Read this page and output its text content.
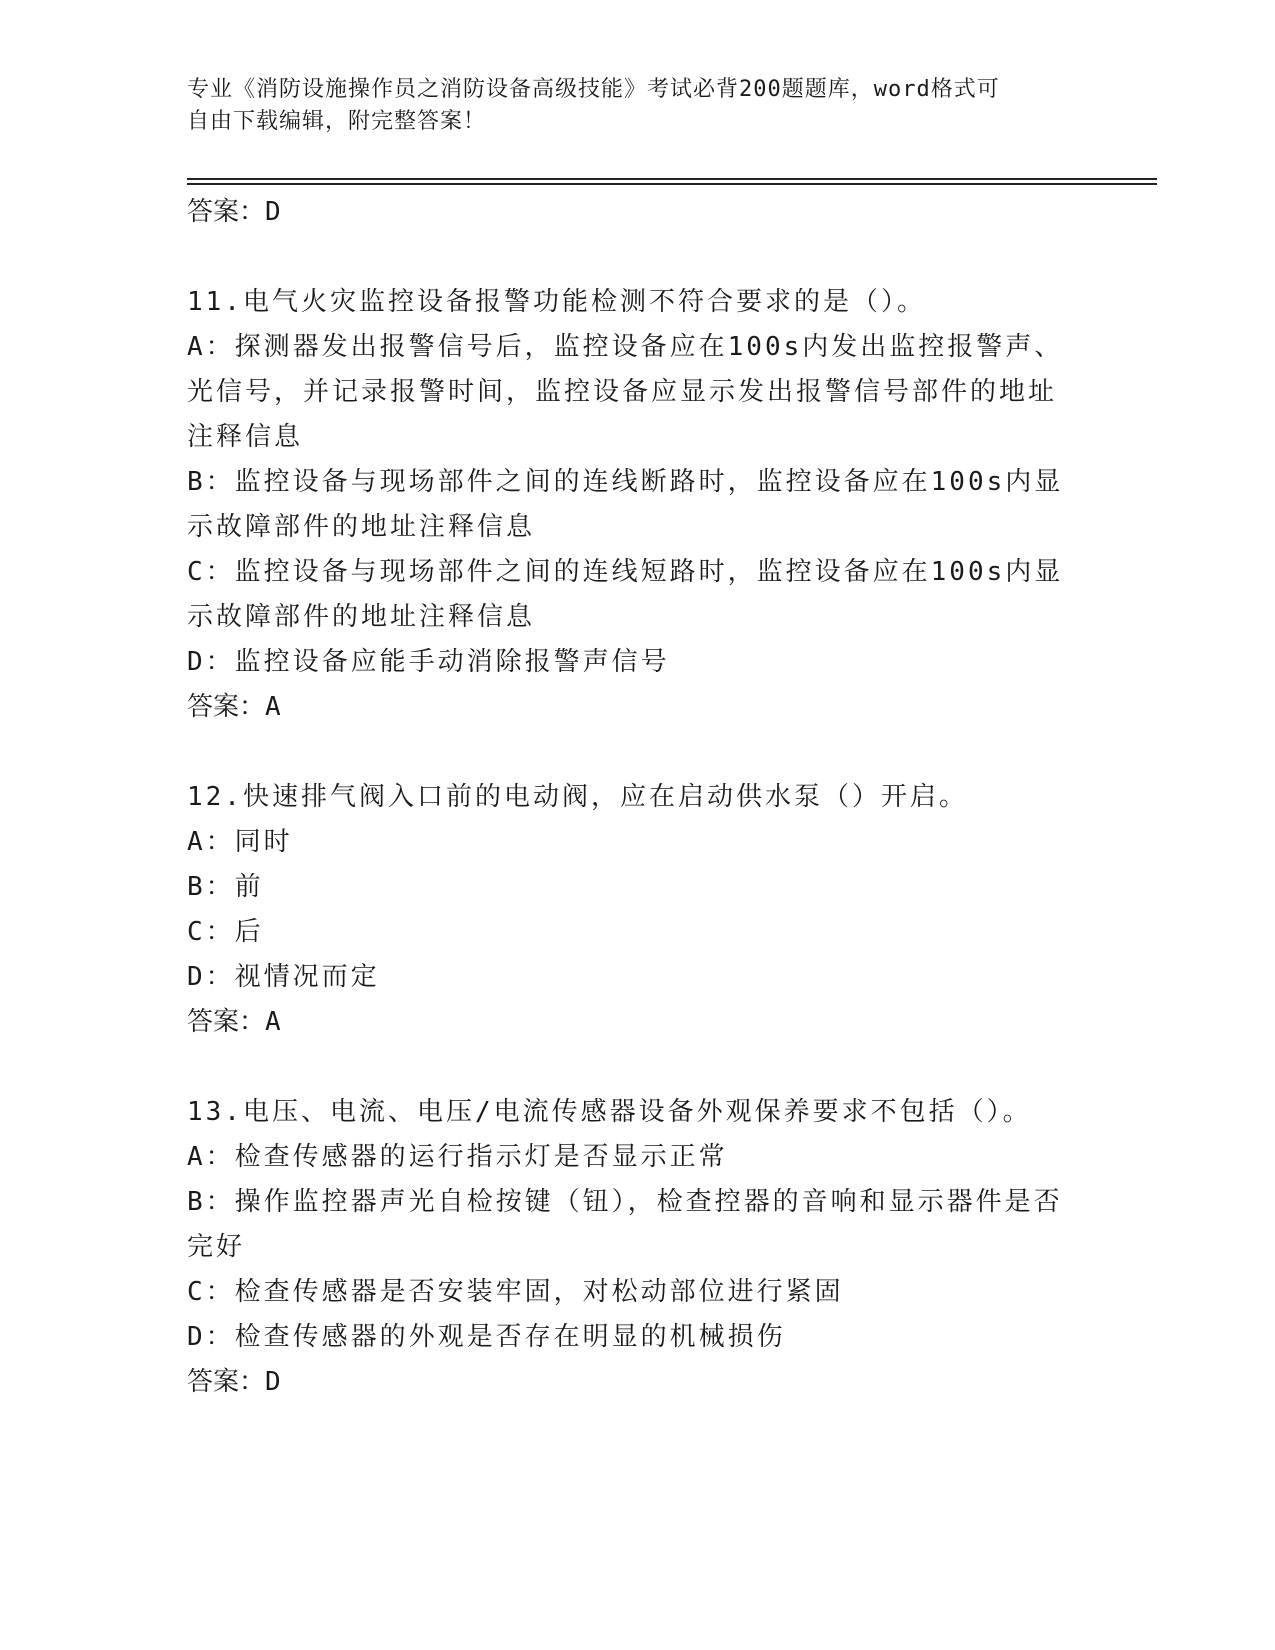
专业《消防设施操作员之消防设备高级技能》考试必背200题题库，word格式可
自由下载编辑，附完整答案！
答案：D
11.电气火灾监控设备报警功能检测不符合要求的是（）。
A：探测器发出报警信号后，监控设备应在100s内发出监控报警声、
光信号，并记录报警时间，监控设备应显示发出报警信号部件的地址
注释信息
B：监控设备与现场部件之间的连线断路时，监控设备应在100s内显
示故障部件的地址注释信息
C：监控设备与现场部件之间的连线短路时，监控设备应在100s内显
示故障部件的地址注释信息
D：监控设备应能手动消除报警声信号
答案：A
12.快速排气阀入口前的电动阀，应在启动供水泵（）开启。
A：同时
B：前
C：后
D：视情况而定
答案：A
13.电压、电流、电压/电流传感器设备外观保养要求不包括（）。
A：检查传感器的运行指示灯是否显示正常
B：操作监控器声光自检按键（钮），检查控器的音响和显示器件是否
完好
C：检查传感器是否安装牢固，对松动部位进行紧固
D：检查传感器的外观是否存在明显的机械损伤
答案：D
